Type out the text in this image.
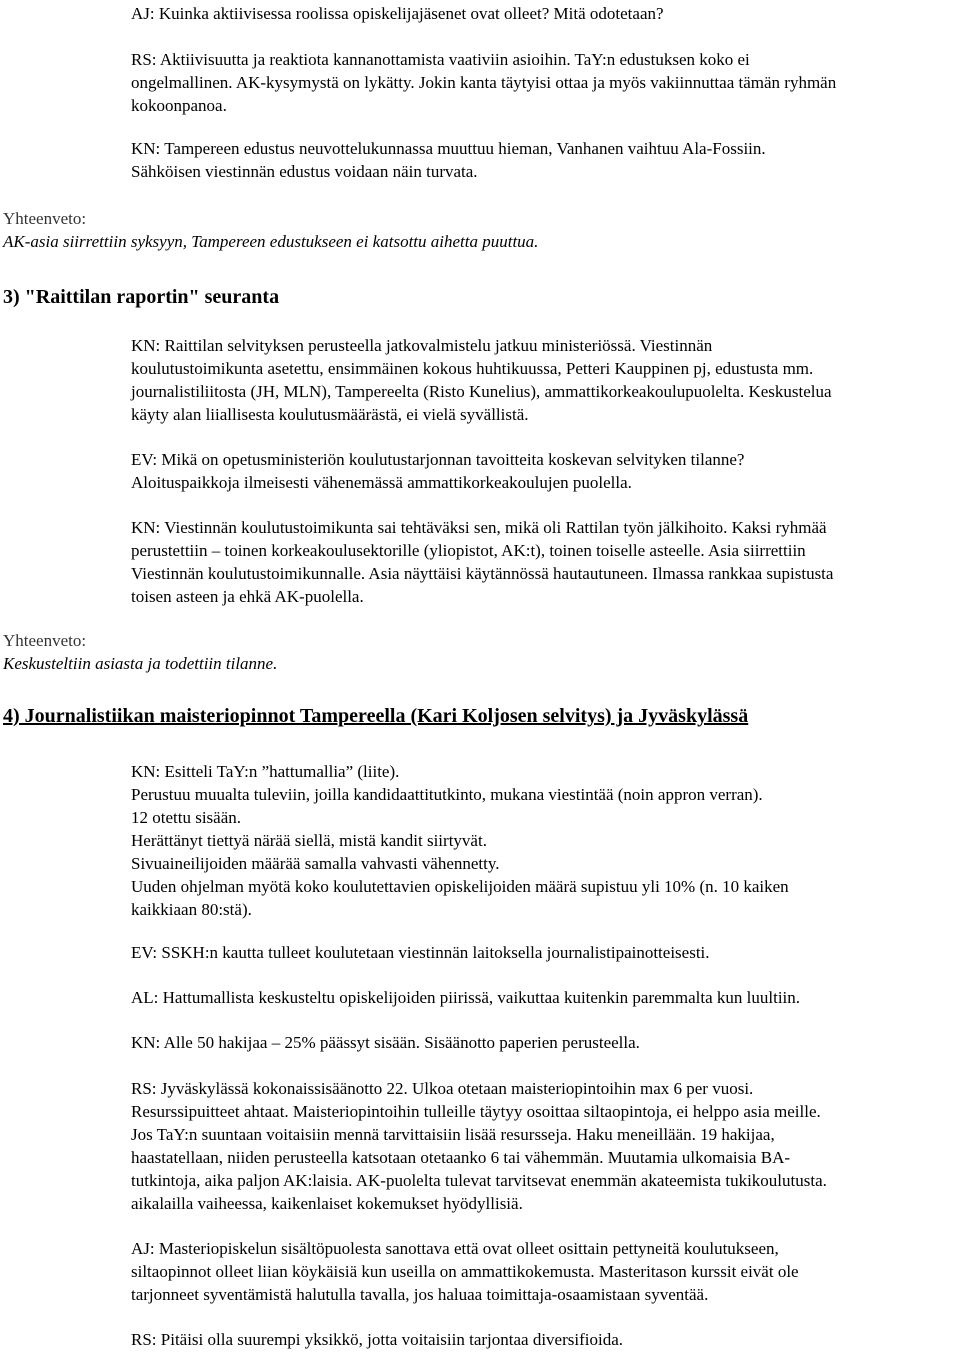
AJ: Kuinka aktiivisessa roolissa opiskelijajäsenet ovat olleet? Mitä odotetaan?

RS: Aktiivisuutta ja reaktiota kannanottamista vaativiin asioihin. TaY:n edustuksen koko ei
ongelmallinen. AK-kysymystä on lykätty. Jokin kanta täytyisi ottaa ja myös vakiinnuttaa tämän ryhmän
kokoonpanoa.
KN: Tampereen edustus neuvottelukunnassa muuttuu hieman, Vanhanen vaihtuu Ala-Fossiin.
Sähköisen viestinnän edustus voidaan näin turvata.
Yhteenveto:
AK-asia siirrettiin syksyyn, Tampereen edustukseen ei katsottu aihetta puuttua.

3) "Raittilan raportin" seuranta

KN: Raittilan selvityksen perusteella jatkovalmistelu jatkuu ministeriössä. Viestinnän
koulutustoimikunta asetettu, ensimmäinen kokous huhtikuussa, Petteri Kauppinen pj, edustusta mm.
journalistiliitosta (JH, MLN), Tampereelta (Risto Kunelius), ammattikorkeakoulupuolelta. Keskustelua
käyty alan liiallisesta koulutusmäärästä, ei vielä syvällistä.
EV: Mikä on opetusministeriön koulutustarjonnan tavoitteita koskevan selvityken tilanne?
Aloituspaikkoja ilmeisesti vähenemässä ammattikorkeakoulujen puolella.
KN: Viestinnän koulutustoimikunta sai tehtäväksi sen, mikä oli Rattilan työn jälkihoito. Kaksi ryhmää
perustettiin – toinen korkeakoulusektorille (yliopistot, AK:t), toinen toiselle asteelle. Asia siirrettiin
Viestinnän koulutustoimikunnalle. Asia näyttäisi käytännössä hautautuneen. Ilmassa rankkaa supistusta
toisen asteen ja ehkä AK-puolella.
Yhteenveto:
Keskusteltiin asiasta ja todettiin tilanne.

4) Journalistiikan maisteriopinnot Tampereella (Kari Koljosen selvitys) ja Jyväskylässä

KN: Esitteli TaY:n ”hattumallia” (liite).
Perustuu muualta tuleviin, joilla kandidaattitutkinto, mukana viestintää (noin appron verran).
12 otettu sisään.
Herättänyt tiettyä närää siellä, mistä kandit siirtyvät.
Sivuaineilijoiden määrää samalla vahvasti vähennetty.
Uuden ohjelman myötä koko koulutettavien opiskelijoiden määrä supistuu yli 10% (n. 10 kaiken
kaikkiaan 80:stä).

EV: SSKH:n kautta tulleet koulutetaan viestinnän laitoksella journalistipainotteisesti.

AL: Hattumallista keskusteltu opiskelijoiden piirissä, vaikuttaa kuitenkin paremmalta kun luultiin.

KN: Alle 50 hakijaa – 25% päässyt sisään. Sisäänotto paperien perusteella.

RS: Jyväskylässä kokonaissisäänotto 22. Ulkoa otetaan maisteriopintoihin max 6 per vuosi.
Resurssipuitteet ahtaat. Maisteriopintoihin tulleille täytyy osoittaa siltaopintoja, ei helppo asia meille.
Jos TaY:n suuntaan voitaisiin mennä tarvittaisiin lisää resursseja. Haku meneillään. 19 hakijaa,
haastatellaan, niiden perusteella katsotaan otetaanko 6 tai vähemmän. Muutamia ulkomaisia BA-
tutkintoja, aika paljon AK:laisia. AK-puolelta tulevat tarvitsevat enemmän akateemista tukikoulutusta.
aikalailla vaiheessa, kaikenlaiset kokemukset hyödyllisiä.
AJ: Masteriopiskelun sisältöpuolesta sanottava että ovat olleet osittain pettyneitä koulutukseen,
siltaopinnot olleet liian köykäisiä kun useilla on ammattikokemusta. Masteritason kurssit eivät ole
tarjonneet syventämistä halutulla tavalla, jos haluaa toimittaja-osaamistaan syventää.

RS: Pitäisi olla suurempi yksikkö, jotta voitaisiin tarjontaa diversifioida.
